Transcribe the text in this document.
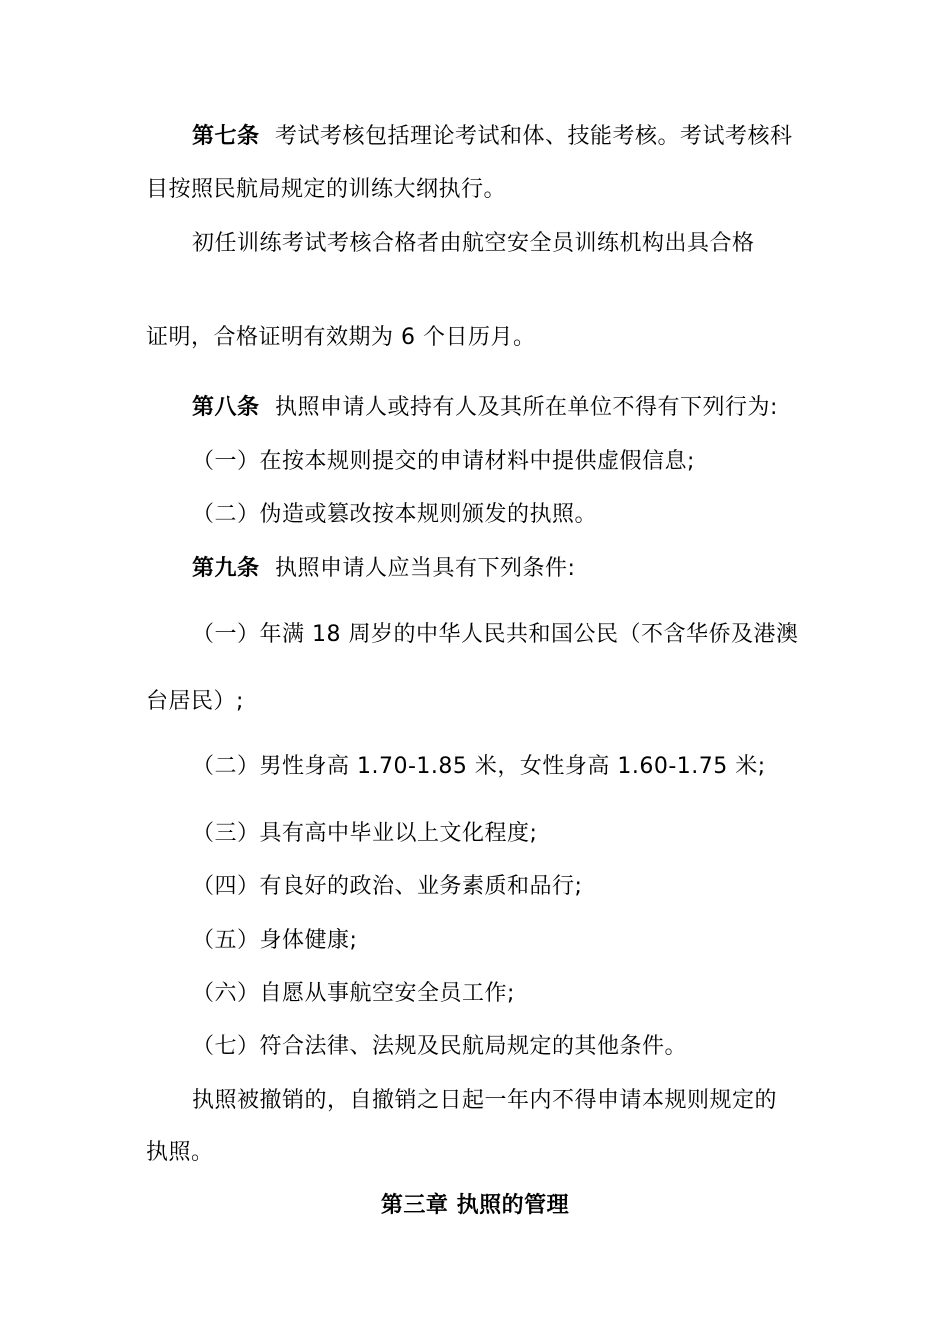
第七条 考试考核包括理论考试和体、技能考核。考试考核科
目按照民航局规定的训练大纲执行。
初任训练考试考核合格者由航空安全员训练机构出具合格
证明，合格证明有效期为 6 个日历月。
第八条 执照申请人或持有人及其所在单位不得有下列行为:
（一）在按本规则提交的申请材料中提供虚假信息;
（二）伪造或篡改按本规则颁发的执照。
第九条 执照申请人应当具有下列条件:
（一）年满 18 周岁的中华人民共和国公民（不含华侨及港澳
台居民）;
（二）男性身高 1.70-1.85 米，女性身高 1.60-1.75 米;
（三）具有高中毕业以上文化程度;
（四）有良好的政治、业务素质和品行;
（五）身体健康;
（六）自愿从事航空安全员工作;
（七）符合法律、法规及民航局规定的其他条件。
执照被撤销的，自撤销之日起一年内不得申请本规则规定的
执照。
第三章 执照的管理
